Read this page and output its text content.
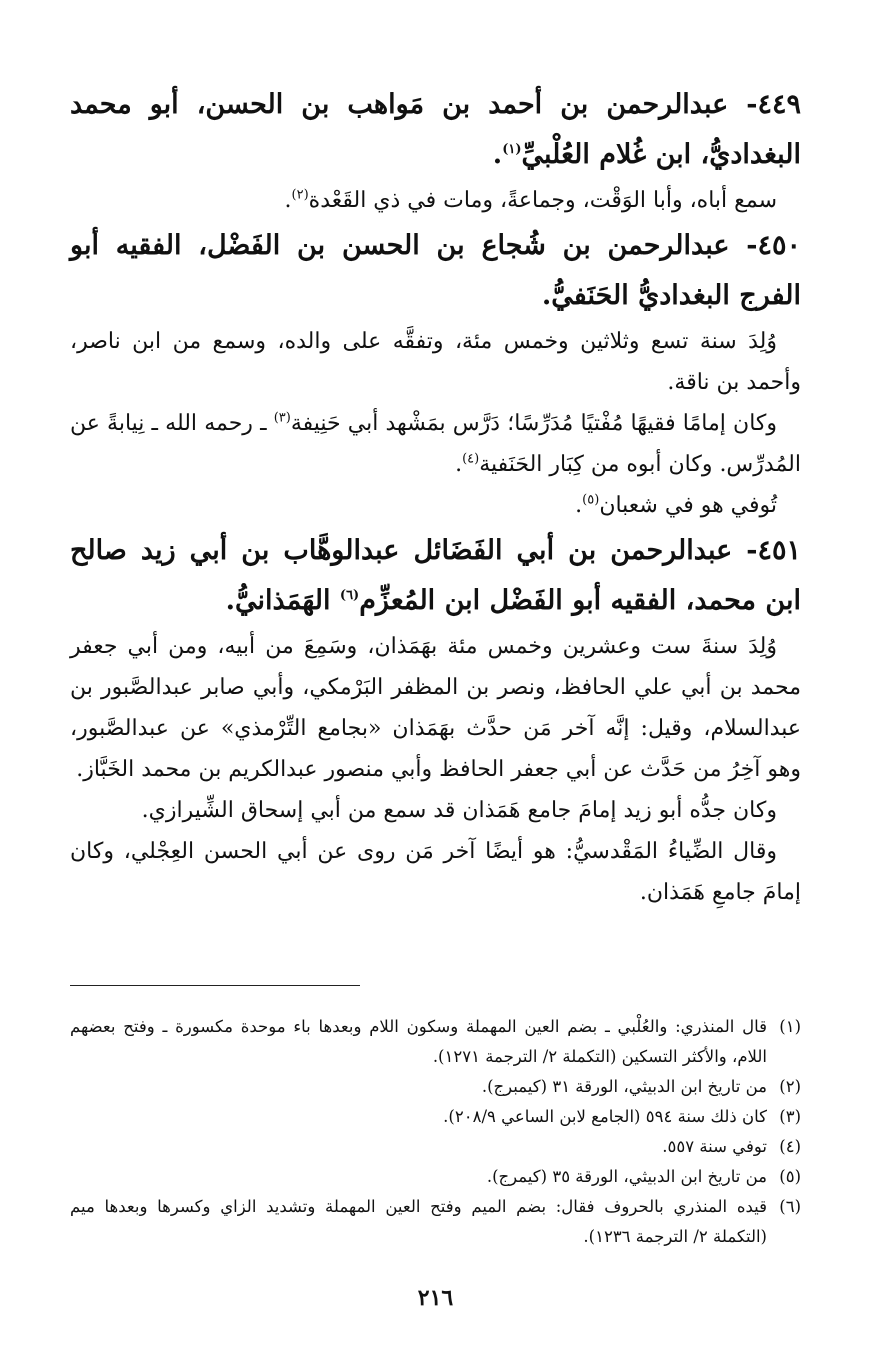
٤٤٩- عبدالرحمن بن أحمد بن مَواهب بن الحسن، أبو محمد البغداديُّ، ابن غُلام العُلْبيِّ$^{(١)}$.

سمع أباه، وأبا الوَقْت، وجماعةً، ومات في ذي القَعْدة$^{(٢)}$.

٤٥٠- عبدالرحمن بن شُجاع بن الحسن بن الفَضْل، الفقيه أبو الفرج البغداديُّ الحَنَفيُّ.

وُلِدَ سنة تسع وثلاثين وخمس مئة، وتفقَّه على والده، وسمع من ابن ناصر، وأحمد بن ناقة.

وكان إمامًا فقيهًا مُفْتيًا مُدَرِّسًا؛ دَرَّس بمَشْهد أبي حَنِيفة$^{(٣)}$ ـ رحمه الله ـ نِيابةً عن المُدرِّس. وكان أبوه من كِبَار الحَنَفية$^{(٤)}$.

تُوفي هو في شعبان$^{(٥)}$.

٤٥١- عبدالرحمن بن أبي الفَضَائل عبدالوهَّاب بن أبي زيد صالح ابن محمد، الفقيه أبو الفَضْل ابن المُعزِّم$^{(٦)}$ الهَمَذانيُّ.

وُلِدَ سنةَ ست وعشرين وخمس مئة بهَمَذان، وسَمِعَ من أبيه، ومن أبي جعفر محمد بن أبي علي الحافظ، ونصر بن المظفر البَرْمكي، وأبي صابر عبدالصَّبور بن عبدالسلام، وقيل: إنَّه آخر مَن حدَّث بهَمَذان «بجامع التِّرْمذي» عن عبدالصَّبور، وهو آخِرُ من حَدَّث عن أبي جعفر الحافظ وأبي منصور عبدالكريم بن محمد الخَبَّاز.

وكان جدُّه أبو زيد إمامَ جامع هَمَذان قد سمع من أبي إسحاق الشِّيرازي.

وقال الضِّياءُ المَقْدسيُّ: هو أيضًا آخر مَن روى عن أبي الحسن العِجْلي، وكان إمامَ جامعِ هَمَذان.

(١)
قال المنذري: والعُلْبي ـ بضم العين المهملة وسكون اللام وبعدها باء موحدة مكسورة ـ وفتح بعضهم اللام، والأكثر التسكين (التكملة ٢/ الترجمة ١٢٧١).
(٢)
من تاريخ ابن الدبيثي، الورقة ٣١ (كيمبرج).
(٣)
كان ذلك سنة ٥٩٤ (الجامع لابن الساعي ٢٠٨/٩).
(٤)
توفي سنة ٥٥٧.
(٥)
من تاريخ ابن الدبيثي، الورقة ٣٥ (كيمرج).
(٦)
قيده المنذري بالحروف فقال: بضم الميم وفتح العين المهملة وتشديد الزاي وكسرها وبعدها ميم (التكملة ٢/ الترجمة ١٢٣٦).
٢١٦
